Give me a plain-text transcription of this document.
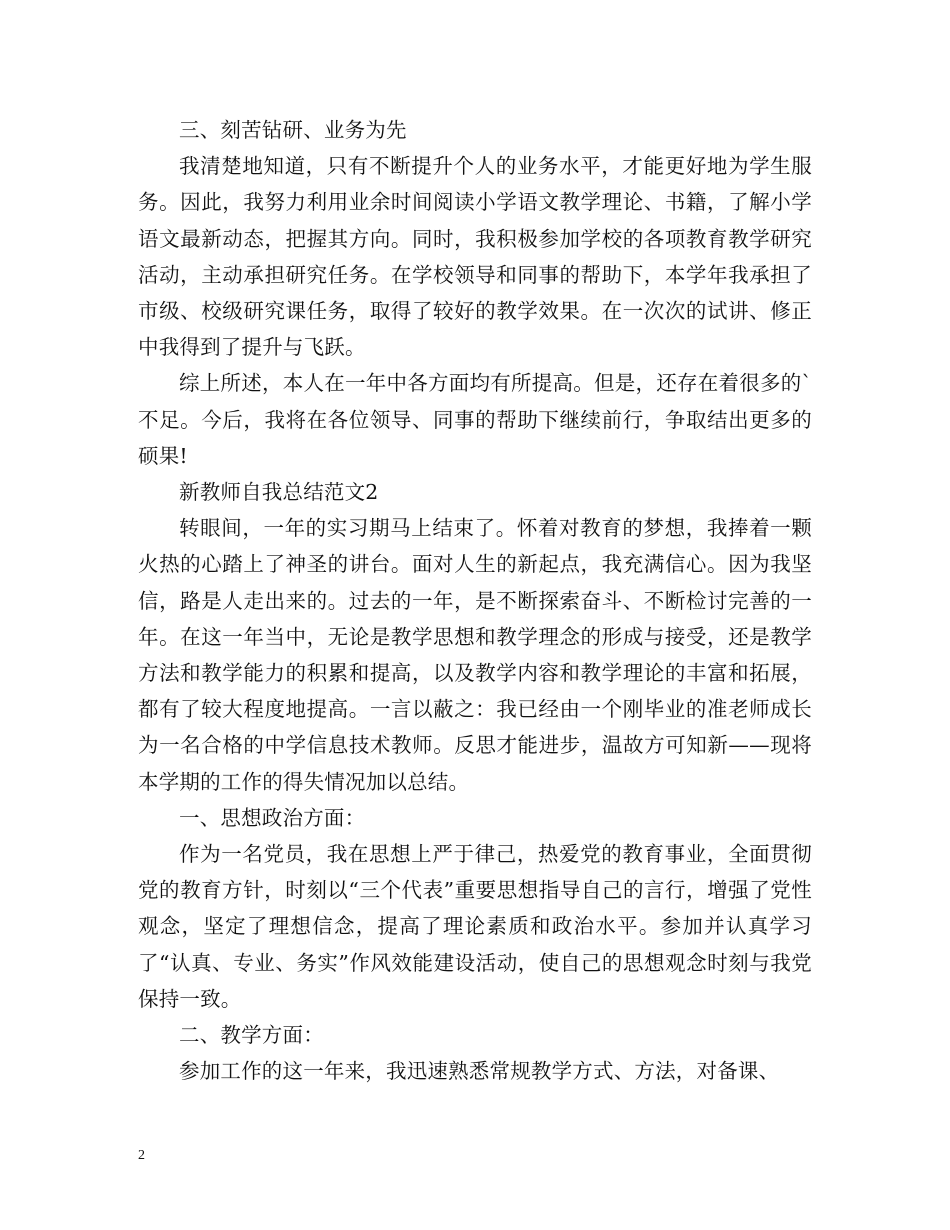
三、刻苦钻研、业务为先

我清楚地知道，只有不断提升个人的业务水平，才能更好地为学生服务。因此，我努力利用业余时间阅读小学语文教学理论、书籍，了解小学语文最新动态，把握其方向。同时，我积极参加学校的各项教育教学研究活动，主动承担研究任务。在学校领导和同事的帮助下，本学年我承担了市级、校级研究课任务，取得了较好的教学效果。在一次次的试讲、修正中我得到了提升与飞跃。

综上所述，本人在一年中各方面均有所提高。但是，还存在着很多的`不足。今后，我将在各位领导、同事的帮助下继续前行，争取结出更多的硕果!

新教师自我总结范文2

转眼间，一年的实习期马上结束了。怀着对教育的梦想，我捧着一颗火热的心踏上了神圣的讲台。面对人生的新起点，我充满信心。因为我坚信，路是人走出来的。过去的一年，是不断探索奋斗、不断检讨完善的一年。在这一年当中，无论是教学思想和教学理念的形成与接受，还是教学方法和教学能力的积累和提高，以及教学内容和教学理论的丰富和拓展，都有了较大程度地提高。一言以蔽之：我已经由一个刚毕业的准老师成长为一名合格的中学信息技术教师。反思才能进步，温故方可知新——现将本学期的工作的得失情况加以总结。

一、思想政治方面：

作为一名党员，我在思想上严于律己，热爱党的教育事业，全面贯彻党的教育方针，时刻以“三个代表”重要思想指导自己的言行，增强了党性观念，坚定了理想信念，提高了理论素质和政治水平。参加并认真学习了“认真、专业、务实”作风效能建设活动，使自己的思想观念时刻与我党保持一致。

二、教学方面：

参加工作的这一年来，我迅速熟悉常规教学方式、方法，对备课、

2
